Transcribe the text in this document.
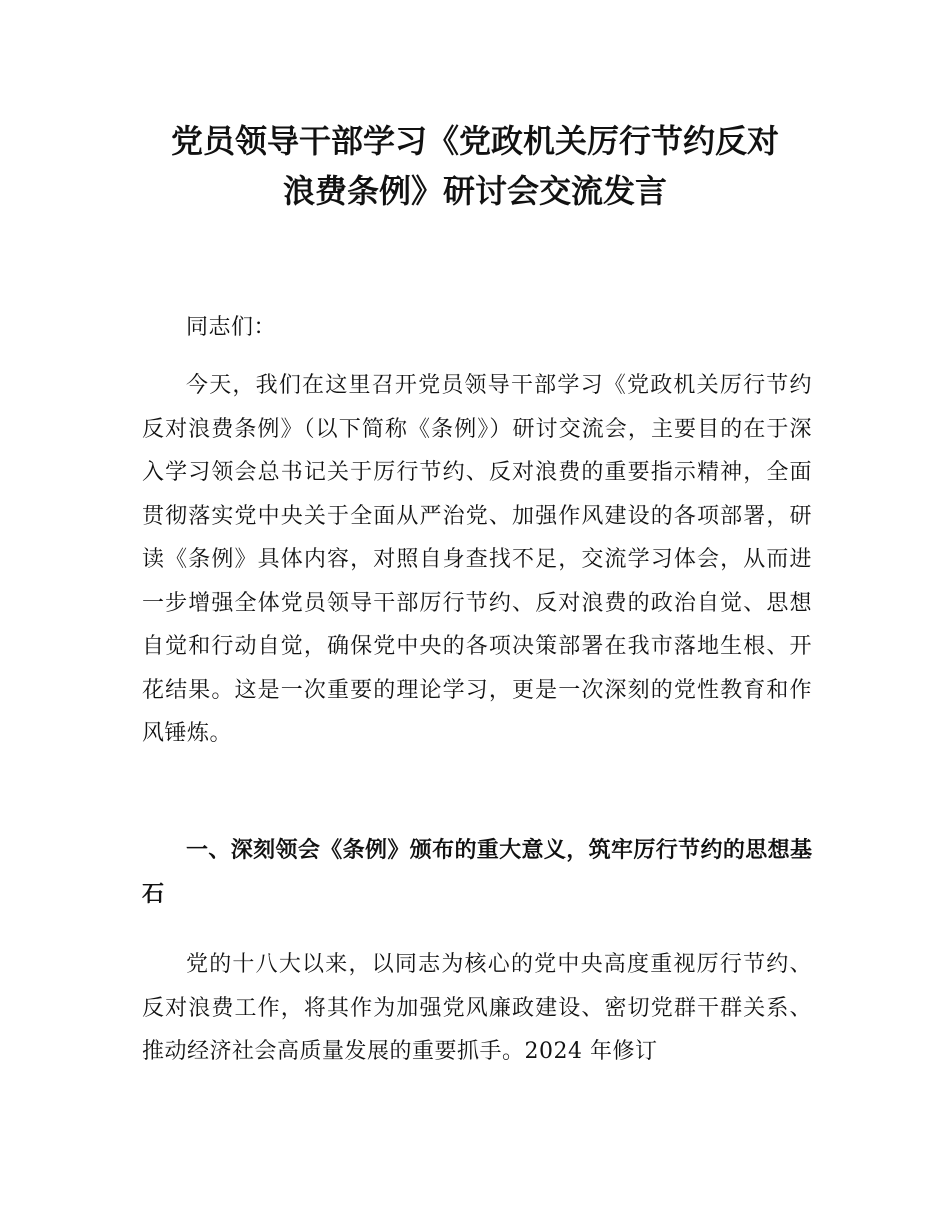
党员领导干部学习《党政机关厉行节约反对
浪费条例》研讨会交流发言

同志们：

今天，我们在这里召开党员领导干部学习《党政机关厉行节约反对浪费条例》（以下简称《条例》）研讨交流会，主要目的在于深入学习领会总书记关于厉行节约、反对浪费的重要指示精神，全面贯彻落实党中央关于全面从严治党、加强作风建设的各项部署，研读《条例》具体内容，对照自身查找不足，交流学习体会，从而进一步增强全体党员领导干部厉行节约、反对浪费的政治自觉、思想自觉和行动自觉，确保党中央的各项决策部署在我市落地生根、开花结果。这是一次重要的理论学习，更是一次深刻的党性教育和作风锤炼。

一、深刻领会《条例》颁布的重大意义，筑牢厉行节约的思想基石

党的十八大以来，以同志为核心的党中央高度重视厉行节约、反对浪费工作，将其作为加强党风廉政建设、密切党群干群关系、推动经济社会高质量发展的重要抓手。2024 年修订
